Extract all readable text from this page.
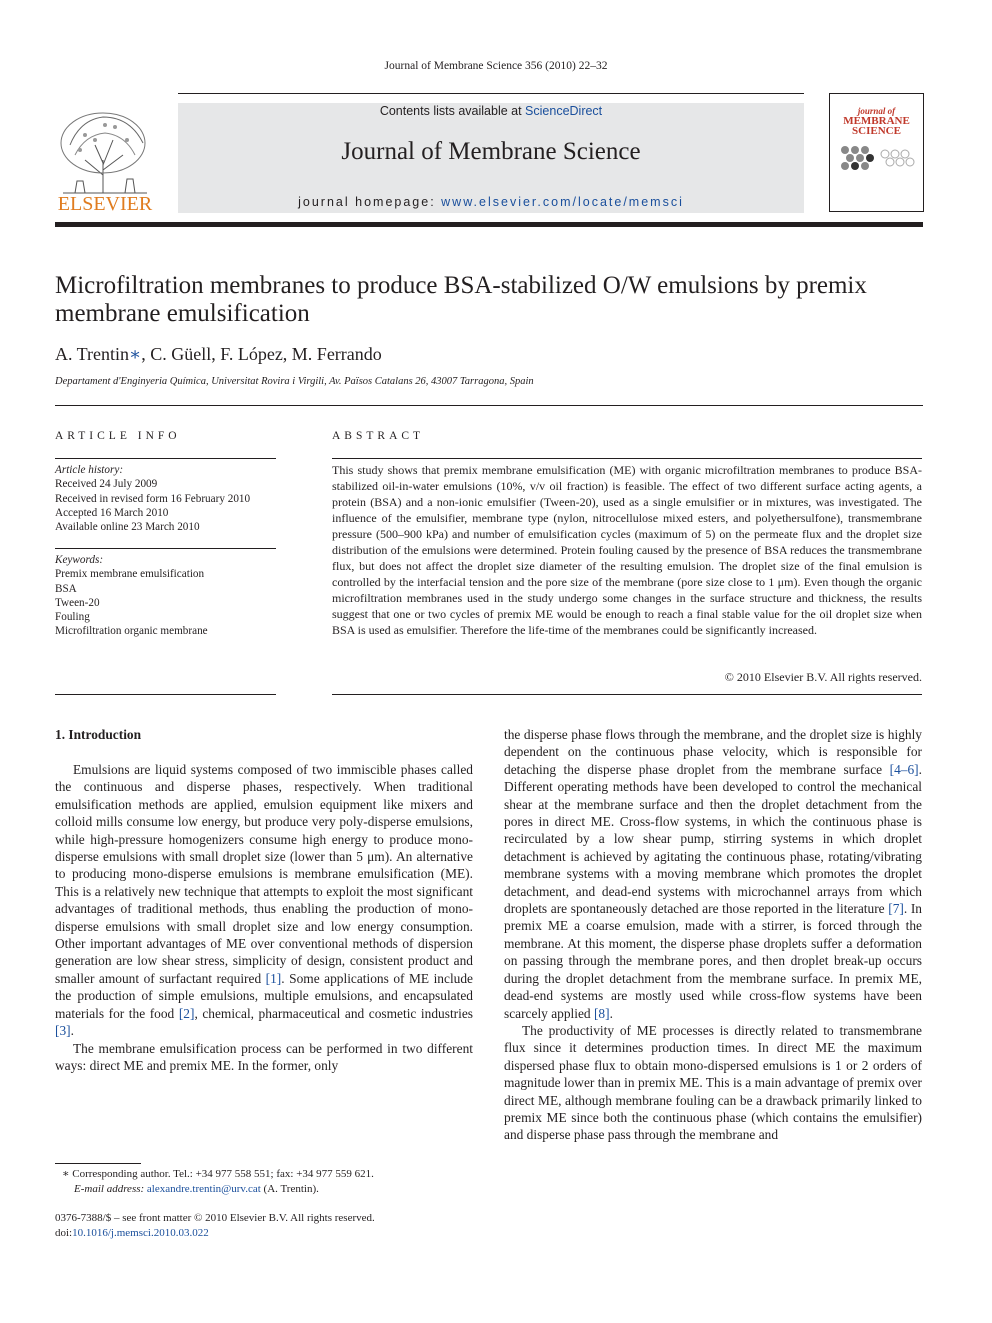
Journal of Membrane Science 356 (2010) 22–32
ELSEVIER
Contents lists available at ScienceDirect
Journal of Membrane Science
journal homepage: www.elsevier.com/locate/memsci
journal of
MEMBRANE
SCIENCE
Microfiltration membranes to produce BSA-stabilized O/W emulsions by premix membrane emulsification
A. Trentin∗, C. Güell, F. López, M. Ferrando
Departament d'Enginyeria Química, Universitat Rovira i Virgili, Av. Països Catalans 26, 43007 Tarragona, Spain
ARTICLE INFO
Article history:
Received 24 July 2009
Received in revised form 16 February 2010
Accepted 16 March 2010
Available online 23 March 2010
Keywords:
Premix membrane emulsification
BSA
Tween-20
Fouling
Microfiltration organic membrane
ABSTRACT
This study shows that premix membrane emulsification (ME) with organic microfiltration membranes to produce BSA-stabilized oil-in-water emulsions (10%, v/v oil fraction) is feasible. The effect of two different surface acting agents, a protein (BSA) and a non-ionic emulsifier (Tween-20), used as a single emulsifier or in mixtures, was investigated. The influence of the emulsifier, membrane type (nylon, nitrocellulose mixed esters, and polyethersulfone), transmembrane pressure (500–900 kPa) and number of emulsification cycles (maximum of 5) on the permeate flux and the droplet size distribution of the emulsions were determined. Protein fouling caused by the presence of BSA reduces the transmembrane flux, but does not affect the droplet size diameter of the resulting emulsion. The droplet size of the final emulsion is controlled by the interfacial tension and the pore size of the membrane (pore size close to 1 μm). Even though the organic microfiltration membranes used in the study undergo some changes in the surface structure and thickness, the results suggest that one or two cycles of premix ME would be enough to reach a final stable value for the oil droplet size when BSA is used as emulsifier. Therefore the life-time of the membranes could be significantly increased.
© 2010 Elsevier B.V. All rights reserved.
1. Introduction

Emulsions are liquid systems composed of two immiscible phases called the continuous and disperse phases, respectively. When traditional emulsification methods are applied, emulsion equipment like mixers and colloid mills consume low energy, but produce very poly-disperse emulsions, while high-pressure homogenizers consume high energy to produce mono-disperse emulsions with small droplet size (lower than 5 μm). An alternative to producing mono-disperse emulsions is membrane emulsification (ME). This is a relatively new technique that attempts to exploit the most significant advantages of traditional methods, thus enabling the production of mono-disperse emulsions with small droplet size and low energy consumption. Other important advantages of ME over conventional methods of dispersion generation are low shear stress, simplicity of design, consistent product and smaller amount of surfactant required [1]. Some applications of ME include the production of simple emulsions, multiple emulsions, and encapsulated materials for the food [2], chemical, pharmaceutical and cosmetic industries [3].

The membrane emulsification process can be performed in two different ways: direct ME and premix ME. In the former, only

the disperse phase flows through the membrane, and the droplet size is highly dependent on the continuous phase velocity, which is responsible for detaching the disperse phase droplet from the membrane surface [4–6]. Different operating methods have been developed to control the mechanical shear at the membrane surface and then the droplet detachment from the pores in direct ME. Cross-flow systems, in which the continuous phase is recirculated by a low shear pump, stirring systems in which droplet detachment is achieved by agitating the continuous phase, rotating/vibrating membrane systems with a moving membrane which promotes the droplet detachment, and dead-end systems with microchannel arrays from which droplets are spontaneously detached are those reported in the literature [7]. In premix ME a coarse emulsion, made with a stirrer, is forced through the membrane. At this moment, the disperse phase droplets suffer a deformation on passing through the membrane pores, and then droplet break-up occurs during the droplet detachment from the membrane surface. In premix ME, dead-end systems are mostly used while cross-flow systems have been scarcely applied [8].

The productivity of ME processes is directly related to transmembrane flux since it determines production times. In direct ME the maximum dispersed phase flux to obtain mono-dispersed emulsions is 1 or 2 orders of magnitude lower than in premix ME. This is a main advantage of premix over direct ME, although membrane fouling can be a drawback primarily linked to premix ME since both the continuous phase (which contains the emulsifier) and disperse phase pass through the membrane and

∗ Corresponding author. Tel.: +34 977 558 551; fax: +34 977 559 621.
E-mail address: alexandre.trentin@urv.cat (A. Trentin).
0376-7388/$ – see front matter © 2010 Elsevier B.V. All rights reserved.
doi:10.1016/j.memsci.2010.03.022
